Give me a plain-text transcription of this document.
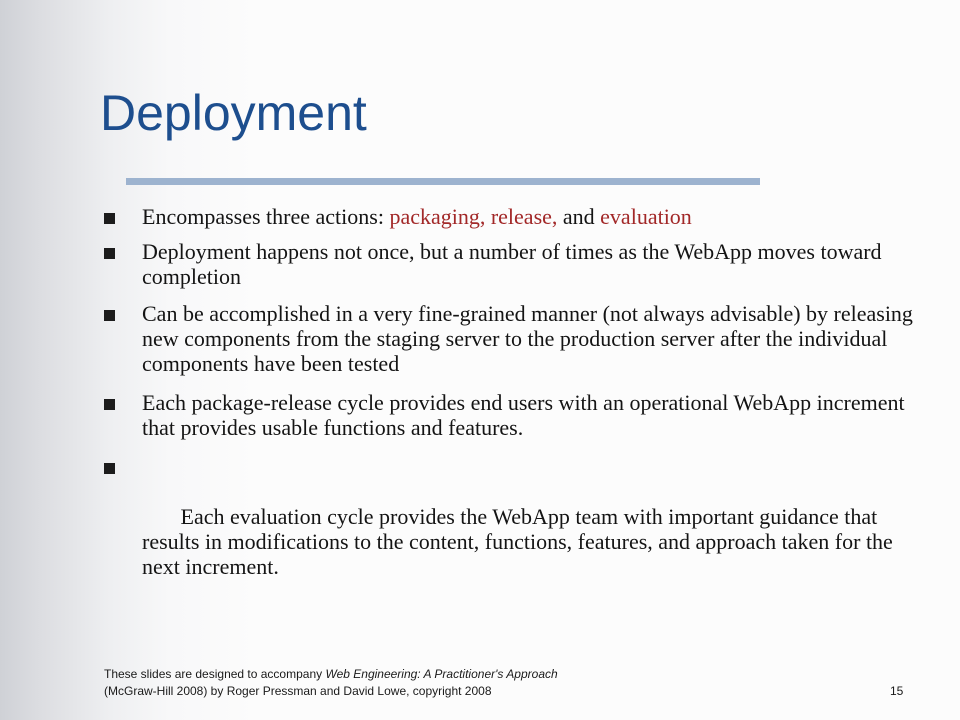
Deployment
Encompasses three actions: packaging, release, and evaluation
Deployment happens not once, but a number of times as the WebApp moves toward completion
Can be accomplished in a very fine-grained manner (not always advisable) by releasing new components from the staging server to the production server after the individual components have been tested
Each package-release cycle provides end users with an operational WebApp increment that provides usable functions and features.

Each evaluation cycle provides the WebApp team with important guidance that results in modifications to the content, functions, features, and approach taken for the next increment.

These slides are designed to accompany Web Engineering: A Practitioner's Approach
(McGraw-Hill 2008) by Roger Pressman and David Lowe, copyright 2008	15
